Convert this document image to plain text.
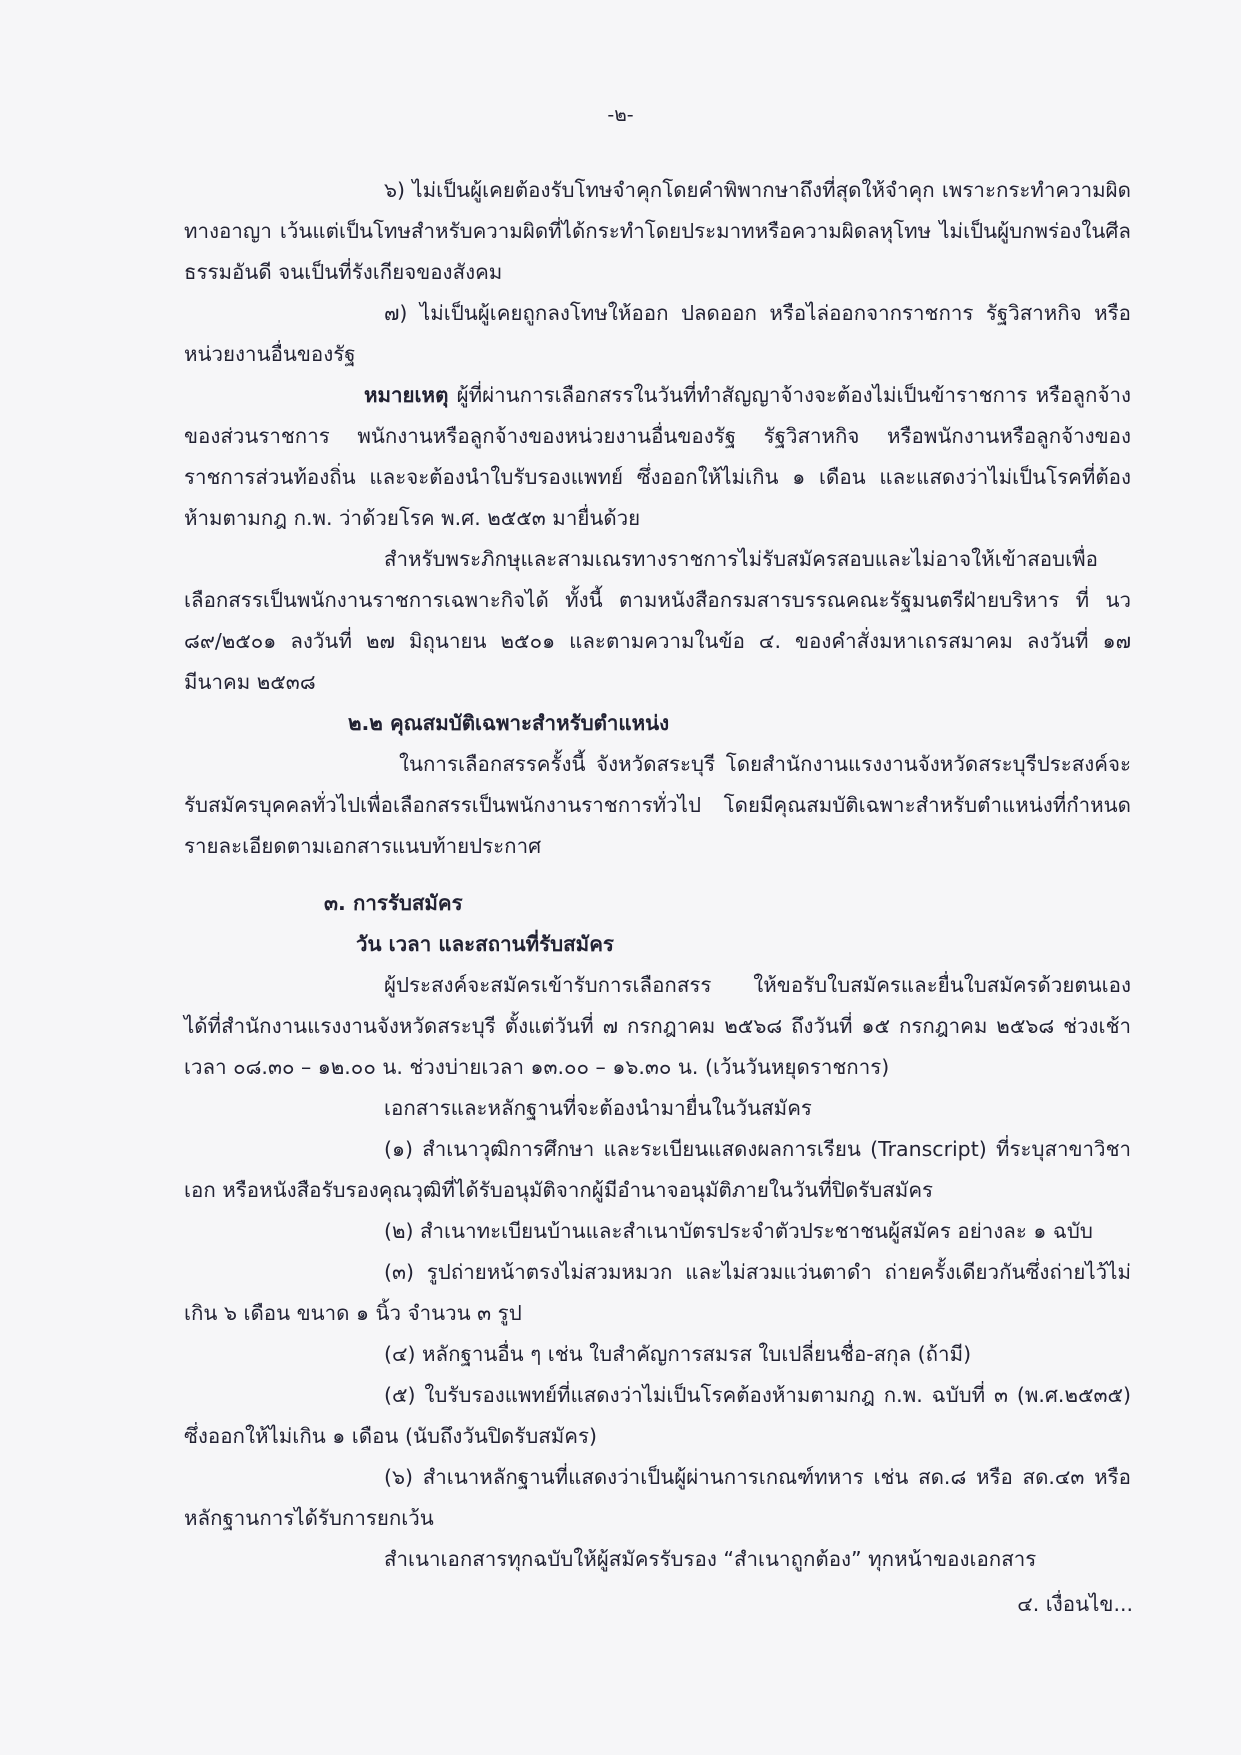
-๒-

๖) ไม่เป็นผู้เคยต้องรับโทษจำคุกโดยคำพิพากษาถึงที่สุดให้จำคุก เพราะกระทำความผิดทางอาญา เว้นแต่เป็นโทษสำหรับความผิดที่ได้กระทำโดยประมาทหรือความผิดลหุโทษ ไม่เป็นผู้บกพร่องในศีลธรรมอันดี จนเป็นที่รังเกียจของสังคม

๗) ไม่เป็นผู้เคยถูกลงโทษให้ออก ปลดออก หรือไล่ออกจากราชการ รัฐวิสาหกิจ หรือหน่วยงานอื่นของรัฐ

หมายเหตุ ผู้ที่ผ่านการเลือกสรรในวันที่ทำสัญญาจ้างจะต้องไม่เป็นข้าราชการ หรือลูกจ้างของส่วนราชการ พนักงานหรือลูกจ้างของหน่วยงานอื่นของรัฐ รัฐวิสาหกิจ หรือพนักงานหรือลูกจ้างของราชการส่วนท้องถิ่น และจะต้องนำใบรับรองแพทย์ ซึ่งออกให้ไม่เกิน ๑ เดือน และแสดงว่าไม่เป็นโรคที่ต้องห้ามตามกฎ ก.พ. ว่าด้วยโรค พ.ศ. ๒๕๕๓ มายื่นด้วย

สำหรับพระภิกษุและสามเณรทางราชการไม่รับสมัครสอบและไม่อาจให้เข้าสอบเพื่อเลือกสรรเป็นพนักงานราชการเฉพาะกิจได้ ทั้งนี้ ตามหนังสือกรมสารบรรณคณะรัฐมนตรีฝ่ายบริหาร ที่ นว ๘๙/๒๕๐๑ ลงวันที่ ๒๗ มิถุนายน ๒๕๐๑ และตามความในข้อ ๔. ของคำสั่งมหาเถรสมาคม ลงวันที่ ๑๗ มีนาคม ๒๕๓๘

๒.๒ คุณสมบัติเฉพาะสำหรับตำแหน่ง

ในการเลือกสรรครั้งนี้ จังหวัดสระบุรี โดยสำนักงานแรงงานจังหวัดสระบุรีประสงค์จะรับสมัครบุคคลทั่วไปเพื่อเลือกสรรเป็นพนักงานราชการทั่วไป โดยมีคุณสมบัติเฉพาะสำหรับตำแหน่งที่กำหนดรายละเอียดตามเอกสารแนบท้ายประกาศ

๓. การรับสมัคร

วัน เวลา และสถานที่รับสมัคร

ผู้ประสงค์จะสมัครเข้ารับการเลือกสรร ให้ขอรับใบสมัครและยื่นใบสมัครด้วยตนเองได้ที่สำนักงานแรงงานจังหวัดสระบุรี ตั้งแต่วันที่ ๗ กรกฎาคม ๒๕๖๘ ถึงวันที่ ๑๕ กรกฎาคม ๒๕๖๘ ช่วงเช้าเวลา ๐๘.๓๐ – ๑๒.๐๐ น. ช่วงบ่ายเวลา ๑๓.๐๐ – ๑๖.๓๐ น. (เว้นวันหยุดราชการ)

เอกสารและหลักฐานที่จะต้องนำมายื่นในวันสมัคร

(๑) สำเนาวุฒิการศึกษา และระเบียนแสดงผลการเรียน (Transcript) ที่ระบุสาขาวิชาเอก หรือหนังสือรับรองคุณวุฒิที่ได้รับอนุมัติจากผู้มีอำนาจอนุมัติภายในวันที่ปิดรับสมัคร

(๒) สำเนาทะเบียนบ้านและสำเนาบัตรประจำตัวประชาชนผู้สมัคร อย่างละ ๑ ฉบับ

(๓) รูปถ่ายหน้าตรงไม่สวมหมวก และไม่สวมแว่นตาดำ ถ่ายครั้งเดียวกันซึ่งถ่ายไว้ไม่เกิน ๖ เดือน ขนาด ๑ นิ้ว จำนวน ๓ รูป

(๔) หลักฐานอื่น ๆ เช่น ใบสำคัญการสมรส ใบเปลี่ยนชื่อ-สกุล (ถ้ามี)

(๕) ใบรับรองแพทย์ที่แสดงว่าไม่เป็นโรคต้องห้ามตามกฎ ก.พ. ฉบับที่ ๓ (พ.ศ.๒๕๓๕) ซึ่งออกให้ไม่เกิน ๑ เดือน (นับถึงวันปิดรับสมัคร)

(๖) สำเนาหลักฐานที่แสดงว่าเป็นผู้ผ่านการเกณฑ์ทหาร เช่น สด.๘ หรือ สด.๔๓ หรือหลักฐานการได้รับการยกเว้น

สำเนาเอกสารทุกฉบับให้ผู้สมัครรับรอง “สำเนาถูกต้อง” ทุกหน้าของเอกสาร

๔. เงื่อนไข...
